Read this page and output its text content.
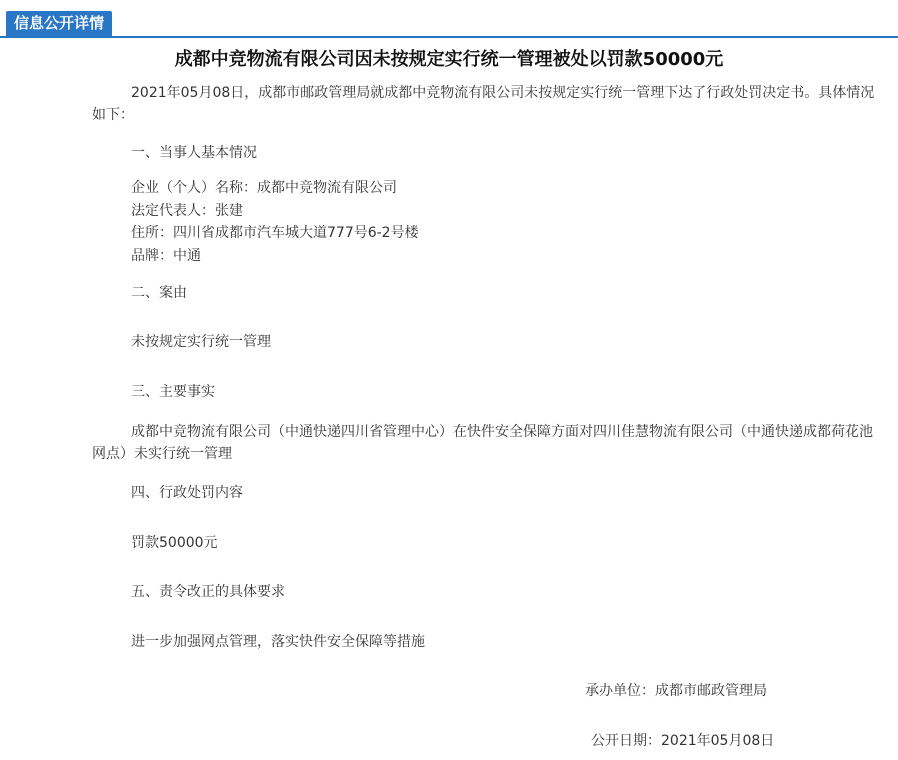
信息公开详情
成都中竞物流有限公司因未按规定实行统一管理被处以罚款50000元
2021年05月08日，成都市邮政管理局就成都中竞物流有限公司未按规定实行统一管理下达了行政处罚决定书。具体情况如下：
一、当事人基本情况
企业（个人）名称：成都中竞物流有限公司
法定代表人：张建
住所：四川省成都市汽车城大道777号6-2号楼
品牌：中通
二、案由
未按规定实行统一管理
三、主要事实
成都中竞物流有限公司（中通快递四川省管理中心）在快件安全保障方面对四川佳慧物流有限公司（中通快递成都荷花池网点）未实行统一管理
四、行政处罚内容
罚款50000元
五、责令改正的具体要求
进一步加强网点管理，落实快件安全保障等措施
承办单位：成都市邮政管理局
公开日期：2021年05月08日
